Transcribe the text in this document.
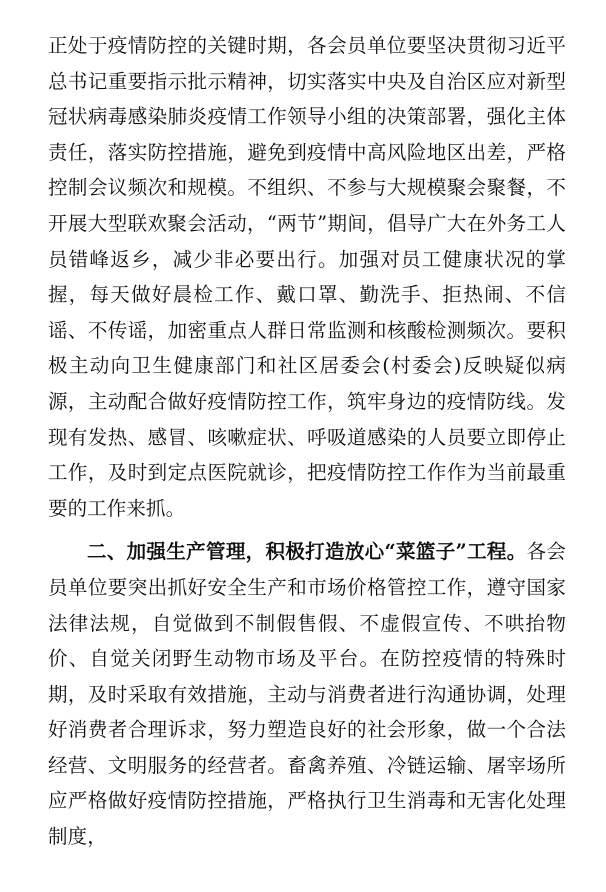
正处于疫情防控的关键时期，各会员单位要坚决贯彻习近平总书记重要指示批示精神，切实落实中央及自治区应对新型冠状病毒感染肺炎疫情工作领导小组的决策部署，强化主体责任，落实防控措施，避免到疫情中高风险地区出差，严格控制会议频次和规模。不组织、不参与大规模聚会聚餐，不开展大型联欢聚会活动，“两节”期间，倡导广大在外务工人员错峰返乡，减少非必要出行。加强对员工健康状况的掌握，每天做好晨检工作、戴口罩、勤洗手、拒热闹、不信谣、不传谣，加密重点人群日常监测和核酸检测频次。要积极主动向卫生健康部门和社区居委会(村委会)反映疑似病源，主动配合做好疫情防控工作，筑牢身边的疫情防线。发现有发热、感冒、咳嗽症状、呼吸道感染的人员要立即停止工作，及时到定点医院就诊，把疫情防控工作作为当前最重要的工作来抓。

二、加强生产管理，积极打造放心“菜篮子”工程。各会员单位要突出抓好安全生产和市场价格管控工作，遵守国家法律法规，自觉做到不制假售假、不虚假宣传、不哄抬物价、自觉关闭野生动物市场及平台。在防控疫情的特殊时期，及时采取有效措施，主动与消费者进行沟通协调，处理好消费者合理诉求，努力塑造良好的社会形象，做一个合法经营、文明服务的经营者。畜禽养殖、冷链运输、屠宰场所应严格做好疫情防控措施，严格执行卫生消毒和无害化处理制度，
